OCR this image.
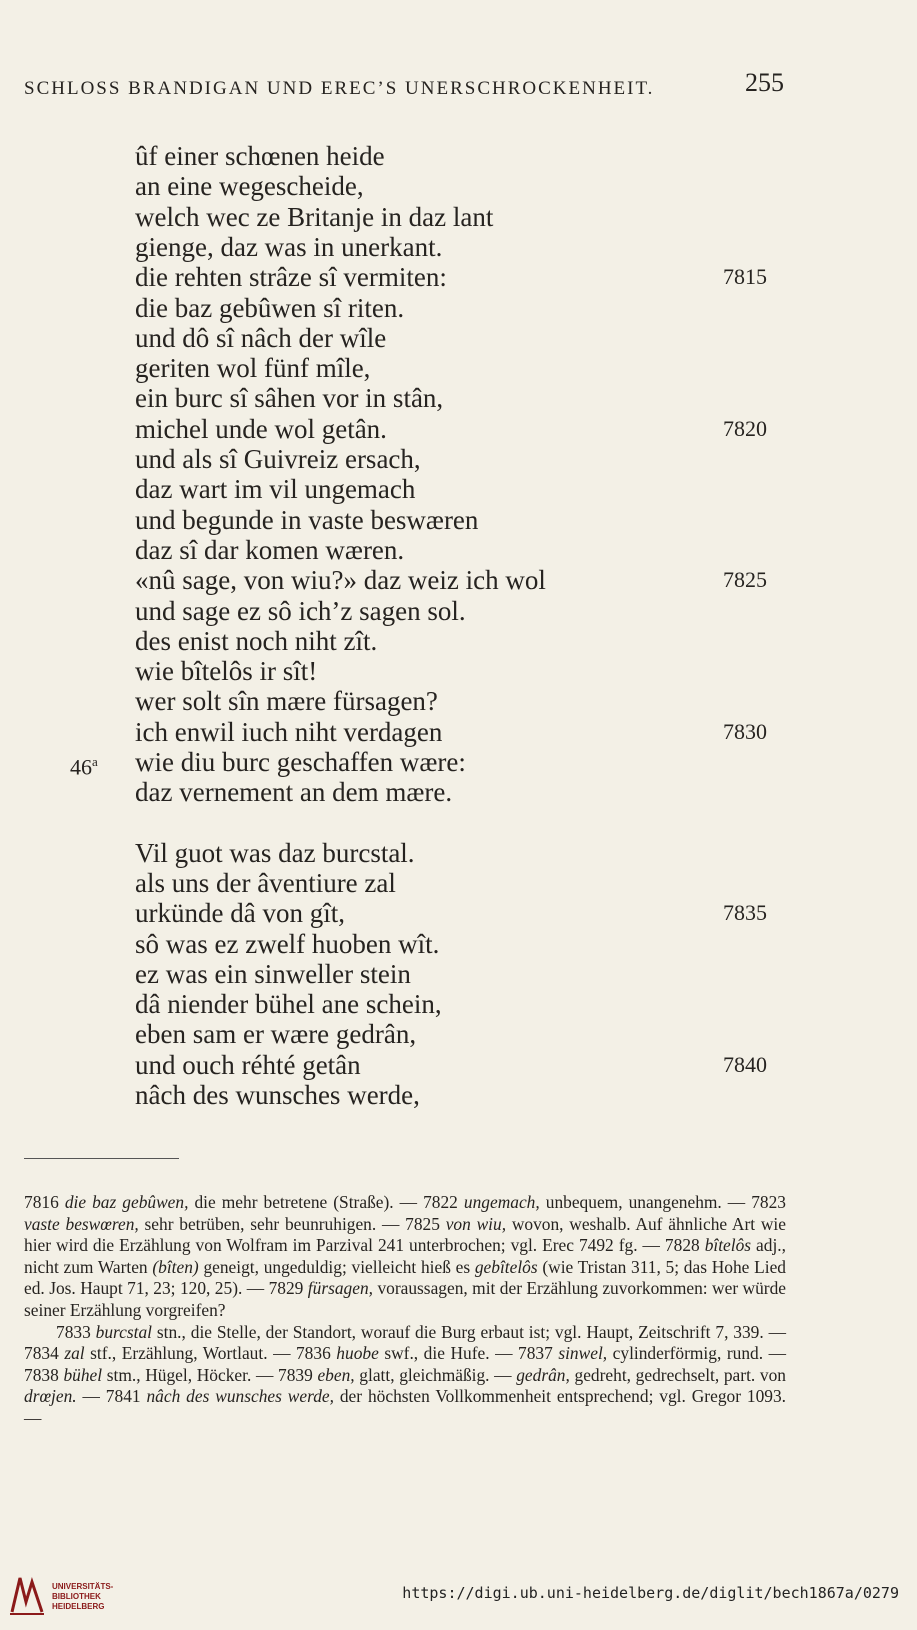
SCHLOSS BRANDIGAN UND EREC’S UNERSCHROCKENHEIT.	255
ûf einer schœnen heide
an eine wegescheide,
welch wec ze Britanje in daz lant
gienge, daz was in unerkant.
die rehten strâze sî vermiten:
die baz gebûwen sî riten.
und dô sî nâch der wîle
geriten wol fünf mîle,
ein burc sî sâhen vor in stân,
michel unde wol getân.
und als sî Guivreiz ersach,
daz wart im vil ungemach
und begunde in vaste beswæren
daz sî dar komen wæren.
«nû sage, von wiu?» daz weiz ich wol
und sage ez sô ich’z sagen sol.
des enist noch niht zît.
wie bîtelôs ir sît!
wer solt sîn mære fürsagen?
ich enwil iuch niht verdagen
wie diu burc geschaffen wære:
daz vernement an dem mære.
Vil guot was daz burcstal.
als uns der âventiure zal
urkünde dâ von gît,
sô was ez zwelf huoben wît.
ez was ein sinweller stein
dâ niender bühel ane schein,
eben sam er wære gedrân,
und ouch réhté getân
nâch des wunsches werde,
7815
7820
7825
7830
7835
7840
46$^a$

7816 die baz gebûwen, die mehr betretene (Straße). — 7822 ungemach, unbequem, unangenehm. — 7823 vaste beswœren, sehr betrüben, sehr beunruhigen. — 7825 von wiu, wovon, weshalb. Auf ähnliche Art wie hier wird die Erzählung von Wolfram im Parzival 241 unterbrochen; vgl. Erec 7492 fg. — 7828 bîtelôs adj., nicht zum Warten (bîten) geneigt, ungeduldig; vielleicht hieß es gebîtelôs (wie Tristan 311, 5; das Hohe Lied ed. Jos. Haupt 71, 23; 120, 25). — 7829 fürsagen, voraussagen, mit der Erzählung zuvorkommen: wer würde seiner Erzählung vorgreifen?

7833 burcstal stn., die Stelle, der Standort, worauf die Burg erbaut ist; vgl. Haupt, Zeitschrift 7, 339. — 7834 zal stf., Erzählung, Wortlaut. — 7836 huobe swf., die Hufe. — 7837 sinwel, cylinderförmig, rund. — 7838 bühel stm., Hügel, Höcker. — 7839 eben, glatt, gleichmäßig. — gedrân, gedreht, gedrechselt, part. von drœjen. — 7841 nâch des wunsches werde, der höchsten Vollkommenheit entsprechend; vgl. Gregor 1093. —

UNIVERSITÄTS-
BIBLIOTHEK
HEIDELBERG
https://digi.ub.uni-heidelberg.de/diglit/bech1867a/0279
